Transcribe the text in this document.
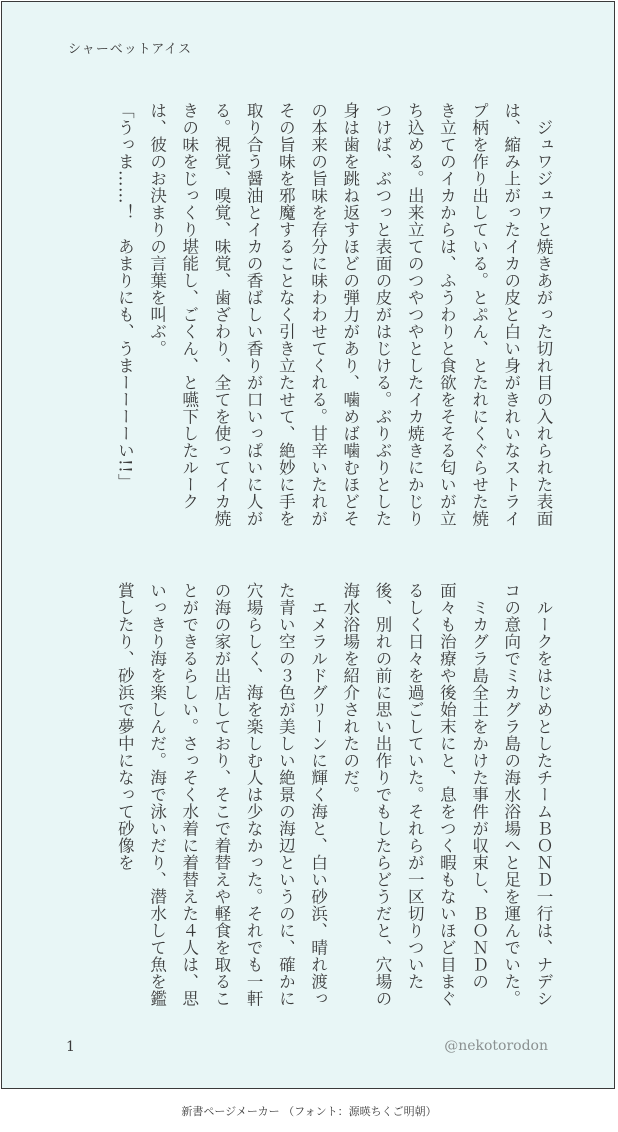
シャーベットアイス

　ジュワジュワと焼きあがった切れ目の入れられた表面は、縮み上がったイカの皮と白い身がきれいなストライプ柄を作り出している。とぷん、とたれにくぐらせた焼き立てのイカからは、ふうわりと食欲をそそる匂いが立ち込める。出来立てのつやつやとしたイカ焼きにかじりつけば、ぶつっと表面の皮がはじける。ぶりぶりとした身は歯を跳ね返すほどの弾力があり、噛めば噛むほどその本来の旨味を存分に味わわせてくれる。甘辛いたれがその旨味を邪魔することなく引き立たせて、絶妙に手を取り合う醤油とイカの香ばしい香りが口いっぱいに人がる。視覚、嗅覚、味覚、歯ざわり、全てを使ってイカ焼きの味をじっくり堪能し、ごくん、と嚥下したルークは、彼のお決まりの言葉を叫ぶ。

「うっま……！　あまりにも、うまーーーーい!!」

　ルークをはじめとしたチームＢＯＮＤ一行は、ナデシコの意向でミカグラ島の海水浴場へと足を運んでいた。

　ミカグラ島全土をかけた事件が収束し、ＢＯＮＤの面々も治療や後始末にと、息をつく暇もないほど目まぐるしく日々を過ごしていた。それらが一区切りついた後、別れの前に思い出作りでもしたらどうだと、穴場の海水浴場を紹介されたのだ。

　エメラルドグリーンに輝く海と、白い砂浜、晴れ渡った青い空の３色が美しい絶景の海辺というのに、確かに穴場らしく、海を楽しむ人は少なかった。それでも一軒の海の家が出店しており、そこで着替えや軽食を取ることができるらしい。さっそく水着に着替えた４人は、思いっきり海を楽しんだ。海で泳いだり、潜水して魚を鑑賞したり、砂浜で夢中になって砂像を

1	@nekotorodon
新書ページメーカー （フォント：源暎ちくご明朝）
